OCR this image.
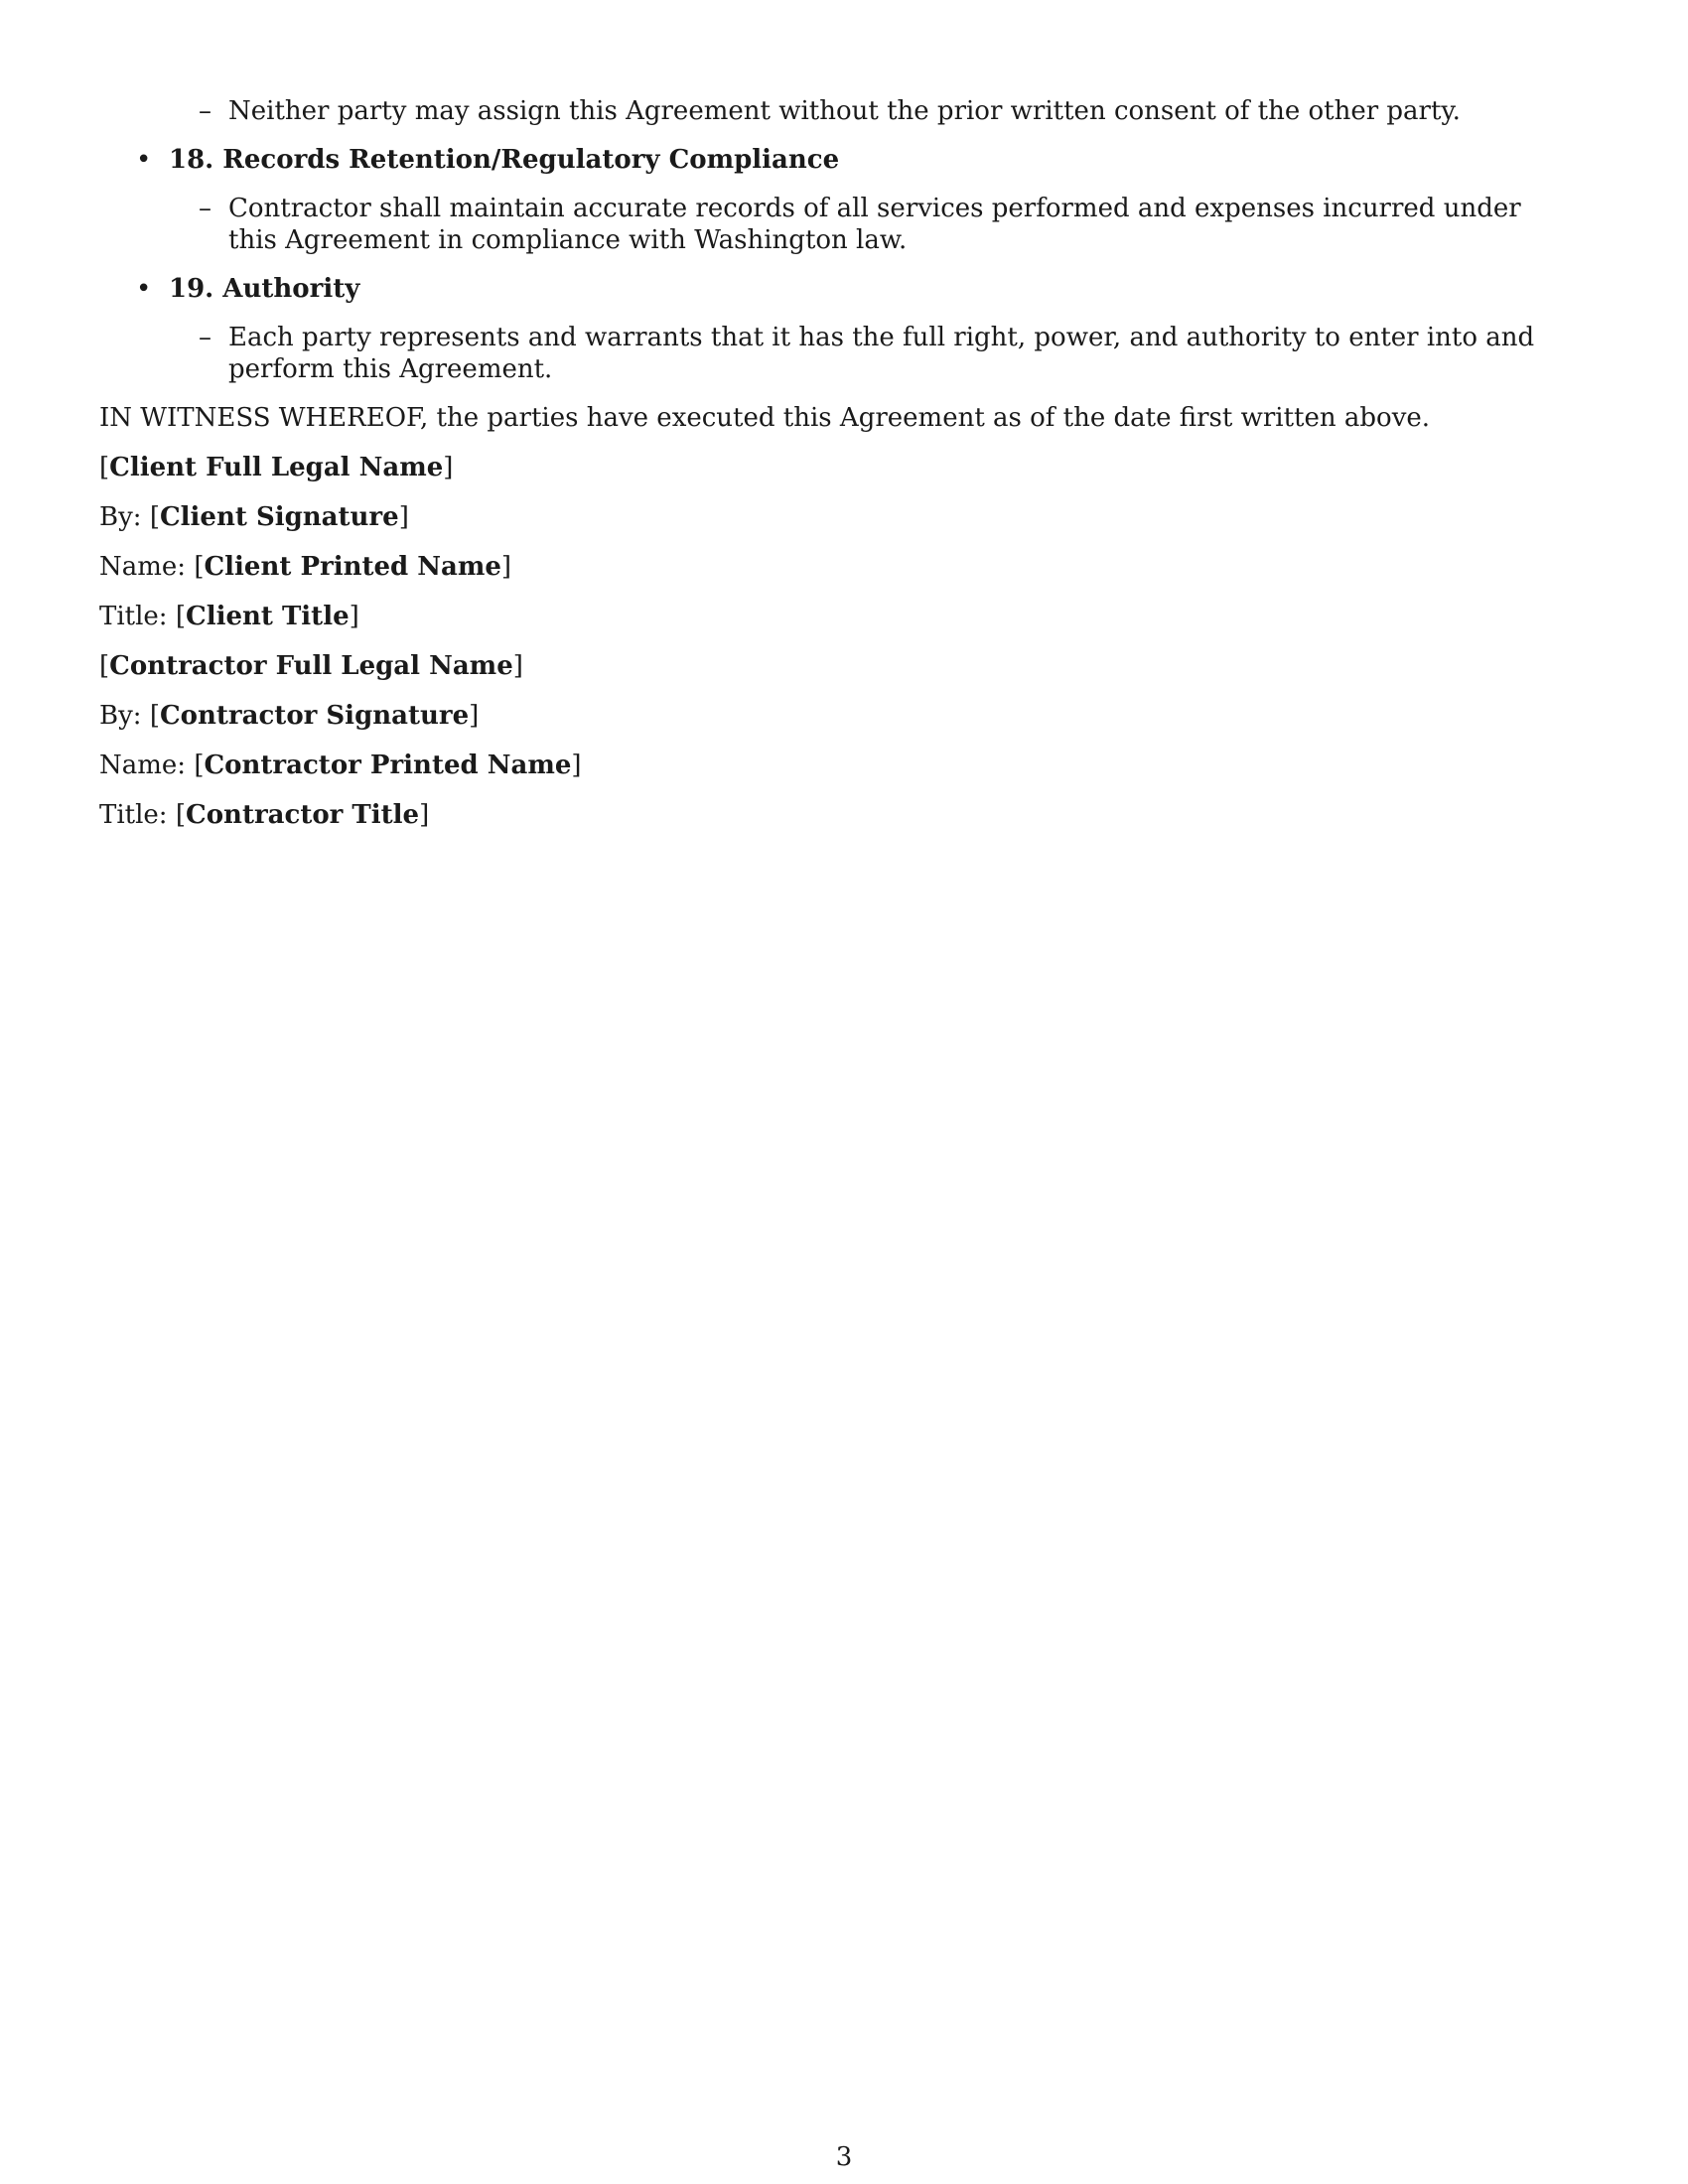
– Neither party may assign this Agreement without the prior written consent of the other party.
• 18. Records Retention/Regulatory Compliance
– Contractor shall maintain accurate records of all services performed and expenses incurred under this Agreement in compliance with Washington law.
• 19. Authority
– Each party represents and warrants that it has the full right, power, and authority to enter into and perform this Agreement.
IN WITNESS WHEREOF, the parties have executed this Agreement as of the date first written above.
[Client Full Legal Name]
By: [Client Signature]
Name: [Client Printed Name]
Title: [Client Title]
[Contractor Full Legal Name]
By: [Contractor Signature]
Name: [Contractor Printed Name]
Title: [Contractor Title]
3
